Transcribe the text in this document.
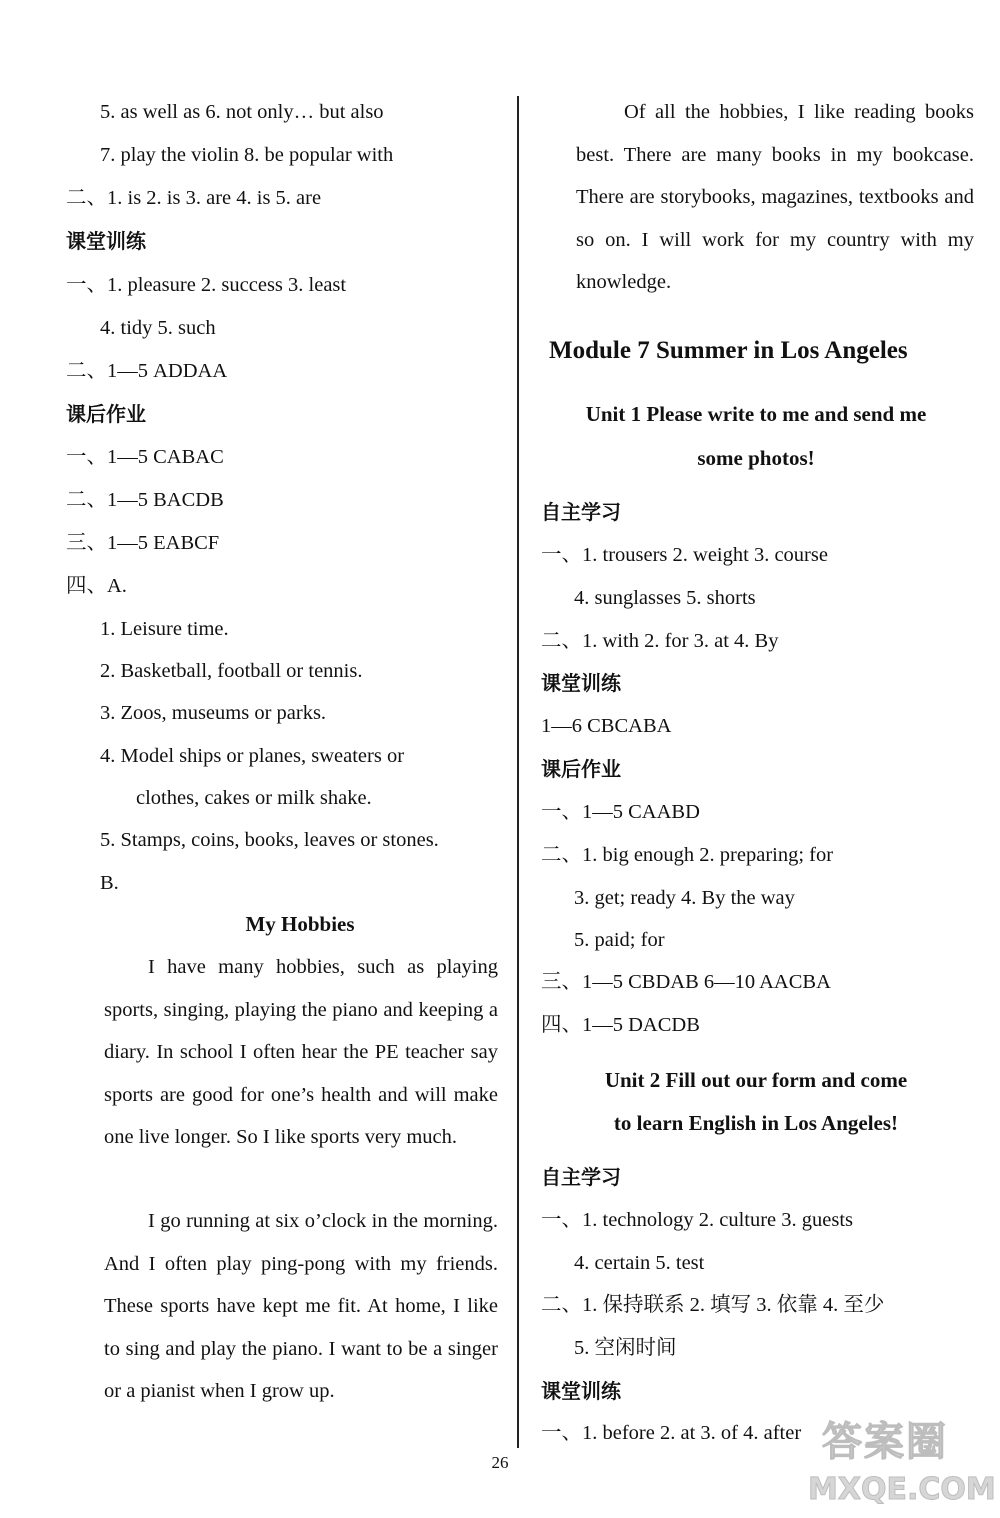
5. as well as 6. not only… but also
7. play the violin 8. be popular with
二、1. is 2. is 3. are 4. is 5. are
课堂训练
一、1. pleasure 2. success 3. least
4. tidy 5. such
二、1—5 ADDAA
课后作业
一、1—5 CABAC
二、1—5 BACDB
三、1—5 EABCF
四、A.
1. Leisure time.
2. Basketball, football or tennis.
3. Zoos, museums or parks.
4. Model ships or planes, sweaters or
clothes, cakes or milk shake.
5. Stamps, coins, books, leaves or stones.
B.
My Hobbies
I have many hobbies, such as playing sports, singing, playing the piano and keeping a diary. In school I often hear the PE teacher say sports are good for one’s health and will make one live longer. So I like sports very much.
I go running at six o’clock in the morning. And I often play ping-pong with my friends. These sports have kept me fit. At home, I like to sing and play the piano. I want to be a singer or a pianist when I grow up.
Of all the hobbies, I like reading books best. There are many books in my bookcase. There are storybooks, magazines, textbooks and so on. I will work for my country with my knowledge.
Module 7 Summer in Los Angeles
Unit 1 Please write to me and send me
some photos!
自主学习
一、1. trousers 2. weight 3. course
4. sunglasses 5. shorts
二、1. with 2. for 3. at 4. By
课堂训练
1—6 CBCABA
课后作业
一、1—5 CAABD
二、1. big enough 2. preparing; for
3. get; ready 4. By the way
5. paid; for
三、1—5 CBDAB 6—10 AACBA
四、1—5 DACDB
Unit 2 Fill out our form and come
to learn English in Los Angeles!
自主学习
一、1. technology 2. culture 3. guests
4. certain 5. test
二、1. 保持联系 2. 填写 3. 依靠 4. 至少
5. 空闲时间
课堂训练
一、1. before 2. at 3. of 4. after
26	答案圈
MXQE.COM
